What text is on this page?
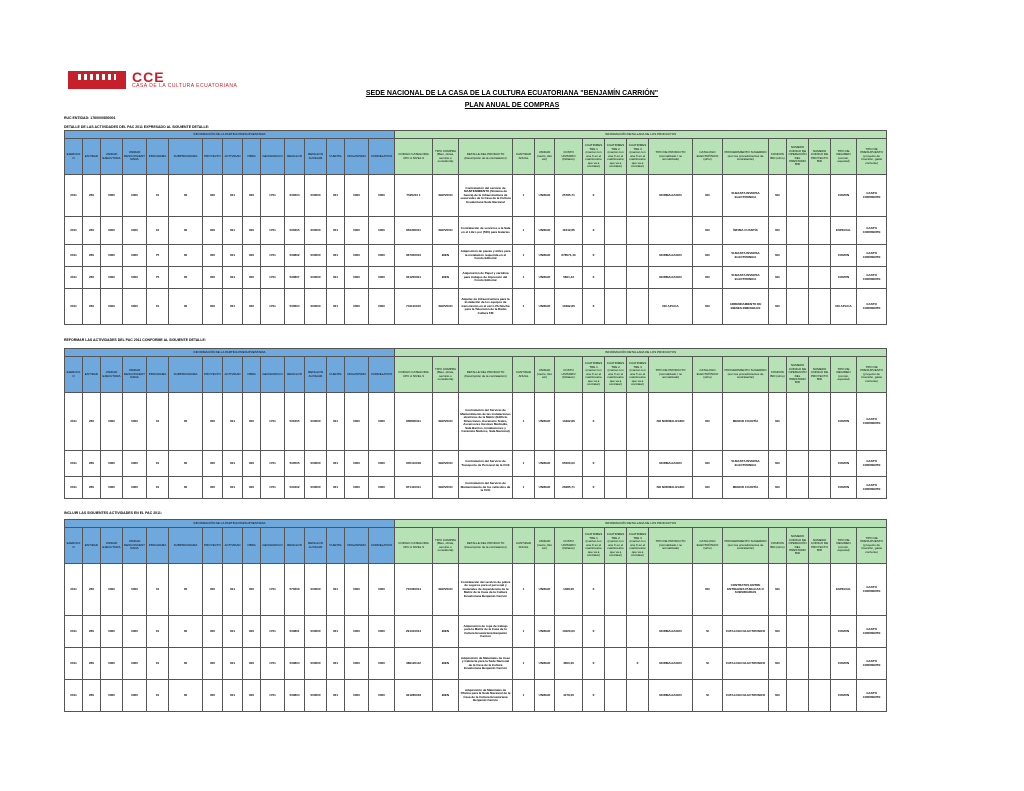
CCE
CASA DE LA CULTURA ECUATORIANA
SEDE NACIONAL DE LA CASA DE LA CULTURA ECUATORIANA "BENJAMÍN CARRIÓN"
PLAN ANUAL DE COMPRAS
RUC ENTIDAD: 1760000850001
DETALLE DE LAS ACTIVIDADES DEL PAC 2011 EXPRESADO AL SIGUIENTE DETALLE:
INFORMACIÓN DE LA PARTIDA PRESUPUESTARIA															INFORMACIÓN DETALLADA DE LOS PRODUCTOS																
EJERCICIO	ENTIDAD	UNIDAD EJECUTORA	UNIDAD DESCONCENTRADA	PROGRAMA	SUBPROGRAMA	PROYECTO	ACTIVIDAD	OBRA	GEOGRAFICO	RENGLON	RENGLON AUXILIAR	FUENTE	ORGANISMO	CORRELATIVO	CODIGO CATEGORIA CPC A NIVEL 9	TIPO COMPRA (Bien, obras, servicio o consultoría)	DETALLE DEL PRODUCTO (Descripción de la contratación)	CANTIDAD ANUAL	UNIDAD (metro, litro etc)	COSTO UNITARIO (Dólares)	CUATRIMESTRE 1 (marcar con una X en el cuatrimestre que va a contratar)	CUATRIMESTRE 2 (marcar con una X en el cuatrimestre que va a contratar)	CUATRIMESTRE 3 (marcar con una X en el cuatrimestre que va a contratar)	TIPO DE PRODUCTO (normalizado / no normalizado)	CATALOGO ELECTRÓNICO (si/no)	PROCEDIMIENTO SUGERIDO (son los procedimientos de contratación)	FONDOS BID (si/no)	NUMERO CODIGO DE OPERACIÓN DEL PRESTAMO BID	NUMERO CODIGO DE PROYECTO BID	TIPO DE REGIMEN (común, especial)	TIPO DE PRESUPUESTO (proyecto de inversión, gasto corriente)
2011	260	0000	0000	01	00	000	001	000	1701	530204	000000	001	0000	0000	7520201 1	SERVICIO	Contratación del servicio de MANTENIMIENTO (Sistema de fuerza) de la infraestructura de sucursales de la Casa de la Cultura Ecuatoriana Sede Nacional	1	UNIDAD	25785,71	X			NORMALIZADO	NO	SUBASTA INVERSA ELECTRONICA	NO			COMUN	GASTO CORRIENTE
2011	260	0000	0000	01	00	000	001	000	1701	530205	000000	001	0000	0000	853300011	SERVICIO	Contratación de servicios a la Sala en el Libro por (500) para Galerías	1	UNIDAD	11642,86	X				NO	ÍNFIMA CUANTÍA	NO			ESPECIAL	GASTO CORRIENTE
2011	260	0000	0000	75	00	000	001	000	1701	530802	000000	001	0000	0000	367000010	BIEN	Adquisición de piezas y útiles para la instalación requerida en el Fondo Editorial	1	UNIDAD	678571,43	X			NORMALIZADO	NO	SUBASTA INVERSA ELECTRONICA	NO			COMUN	GASTO CORRIENTE
2011	260	0000	0000	75	00	000	001	000	1701	530807	000000	001	0000	0000	321200001	BIEN	Adquisición de Papel y cartulina para trabajos de Impresión del Fondo Editorial	1	UNIDAD	5821,43	X			NORMALIZADO	NO	SUBASTA INVERSA ELECTRONICA	NO			COMUN	GASTO CORRIENTE
2011	260	0000	0000	01	00	000	001	000	1701	530604	000000	001	0000	0000	731110010	SERVICIO	Alquiler de infraestructura para la instalación de los equipos de transmisión en el cerro Pichincha para la Televisión de la Radio Cultura FM	1	UNIDAD	10392,86	X			NO APLICA	NO	ARRENDAMIENTO DE BIENES INMUEBLES	NO			NO APLICA	GASTO CORRIENTE
REFORMAR LAS ACTIVIDADES DEL PAC 2011 CONFORME AL SIGUIENTE DETALLE:
INFORMACIÓN DE LA PARTIDA PRESUPUESTARIA															INFORMACIÓN DETALLADA DE LOS PRODUCTOS																
EJERCICIO	ENTIDAD	UNIDAD EJECUTORA	UNIDAD DESCONCENTRADA	PROGRAMA	SUBPROGRAMA	PROYECTO	ACTIVIDAD	OBRA	GEOGRAFICO	RENGLON	RENGLON AUXILIAR	FUENTE	ORGANISMO	CORRELATIVO	CODIGO CATEGORIA CPC A NIVEL 9	TIPO COMPRA (Bien, obras, servicio o consultoría)	DETALLE DEL PRODUCTO (Descripción de la contratación)	CANTIDAD ANUAL	UNIDAD (metro, litro etc)	COSTO UNITARIO (Dólares)	CUATRIMESTRE 1 (marcar con una X en el cuatrimestre que va a contratar)	CUATRIMESTRE 2 (marcar con una X en el cuatrimestre que va a contratar)	CUATRIMESTRE 3 (marcar con una X en el cuatrimestre que va a contratar)	TIPO DE PRODUCTO (normalizado / no normalizado)	CATALOGO ELECTRÓNICO (si/no)	PROCEDIMIENTO SUGERIDO (son los procedimientos de contratación)	FONDOS BID (si/no)	NUMERO CODIGO DE OPERACIÓN DEL PRESTAMO BID	NUMERO CODIGO DE PROYECTO BID	TIPO DE REGIMEN (común, especial)	TIPO DE PRESUPUESTO (proyecto de inversión, gasto corriente)
2011	260	0000	0000	01	00	000	001	000	1701	530405	000000	001	0000	0000	858800011	SERVICIO	Contratación del Servicio de Mantenimiento de las instalaciones eléctricas de la Matriz (Edificio Direcciones, Escenario Teatro, Ascensores Gustavo Mediodía, Sala Barrios, instalaciones y Cerámica Núcleos, Sala Nacional)	1	UNIDAD	13392,86	X			NO NORMALIZADO	NO	MENOR CUANTÍA	NO			COMUN	GASTO CORRIENTE
2011	260	0000	0000	01	00	000	001	000	1701	530505	000000	001	0000	0000	645110018	SERVICIO	Contratación del Servicio de Transporte de Personal de la CCE	1	UNIDAD	65000,00	X			NORMALIZADO	NO	SUBASTA INVERSA ELECTRONICA	NO			COMUN	GASTO CORRIENTE
2011	260	0000	0000	01	00	000	001	000	1701	530402	000000	001	0000	0000	871410011	SERVICIO	Contratación del Servicio de Mantenimiento de los vehículos de la CCE	1	UNIDAD	26285,71	X			NO NORMALIZADO	NO	MENOR CUANTÍA	NO			COMUN	GASTO CORRIENTE
INCLUIR LAS SIGUIENTES ACTIVIDADES EN EL PAC 2011:
INFORMACIÓN DE LA PARTIDA PRESUPUESTARIA															INFORMACIÓN DETALLADA DE LOS PRODUCTOS																
EJERCICIO	ENTIDAD	UNIDAD EJECUTORA	UNIDAD DESCONCENTRADA	PROGRAMA	SUBPROGRAMA	PROYECTO	ACTIVIDAD	OBRA	GEOGRAFICO	RENGLON	RENGLON AUXILIAR	FUENTE	ORGANISMO	CORRELATIVO	CODIGO CATEGORIA CPC A NIVEL 9	TIPO COMPRA (Bien, obras, servicio o consultoría)	DETALLE DEL PRODUCTO (Descripción de la contratación)	CANTIDAD ANUAL	UNIDAD (metro, litro etc)	COSTO UNITARIO (Dólares)	CUATRIMESTRE 1 (marcar con una X en el cuatrimestre que va a contratar)	CUATRIMESTRE 2 (marcar con una X en el cuatrimestre que va a contratar)	CUATRIMESTRE 3 (marcar con una X en el cuatrimestre que va a contratar)	TIPO DE PRODUCTO (normalizado / no normalizado)	CATALOGO ELECTRÓNICO (si/no)	PROCEDIMIENTO SUGERIDO (son los procedimientos de contratación)	FONDOS BID (si/no)	NUMERO CODIGO DE OPERACIÓN DEL PRESTAMO BID	NUMERO CODIGO DE PROYECTO BID	TIPO DE REGIMEN (común, especial)	TIPO DE PRESUPUESTO (proyecto de inversión, gasto corriente)
2011	260	0000	0000	01	00	000	001	000	1701	570203	000000	001	0000	0000	715330014	SERVICIO	Contratación del servicio de póliza de seguros para el personal y materiales de dependencia de la Matriz de la Casa de la Cultura Ecuatoriana Benjamín Carrión	1	UNIDAD	1488,00	X				NO	CONTRATOS ENTRE ENTIDADES PÚBLICAS O SUBSIDIARIAS	NO			ESPECIAL	GASTO CORRIENTE
2011	260	0000	0000	01	00	000	001	000	1701	530801	000000	001	0000	0000	291310014	BIEN	Adquisición de ropa de trabajo para la Matriz de la Casa de la Cultura Ecuatoriana Benjamín Carrión	1	UNIDAD	13020,00	X			NORMALIZADO	SI	CATALOGO ELECTRONICO	NO			COMUN	GASTO CORRIENTE
2011	260	0000	0000	01	00	000	001	000	1701	530804	000000	001	0000	0000	389120112	BIEN	Adquisición de Materiales de Aseo y Cafetería para la Sede Nacional de la Casa de la Cultura Ecuatoriana Benjamín Carrión	1	UNIDAD	4600,00	X		X	NORMALIZADO	SI	CATALOGO ELECTRONICO	NO			COMUN	GASTO CORRIENTE
2011	260	0000	0000	01	00	000	001	000	1701	530804	000000	001	0000	0000	321280018	BIEN	Adquisición de Materiales de Oficina para la Sede Nacional de la Casa de la Cultura Ecuatoriana Benjamín Carrión	1	UNIDAD	4178,00	X			NORMALIZADO	SI	CATALOGO ELECTRONICO	NO			COMUN	GASTO CORRIENTE
